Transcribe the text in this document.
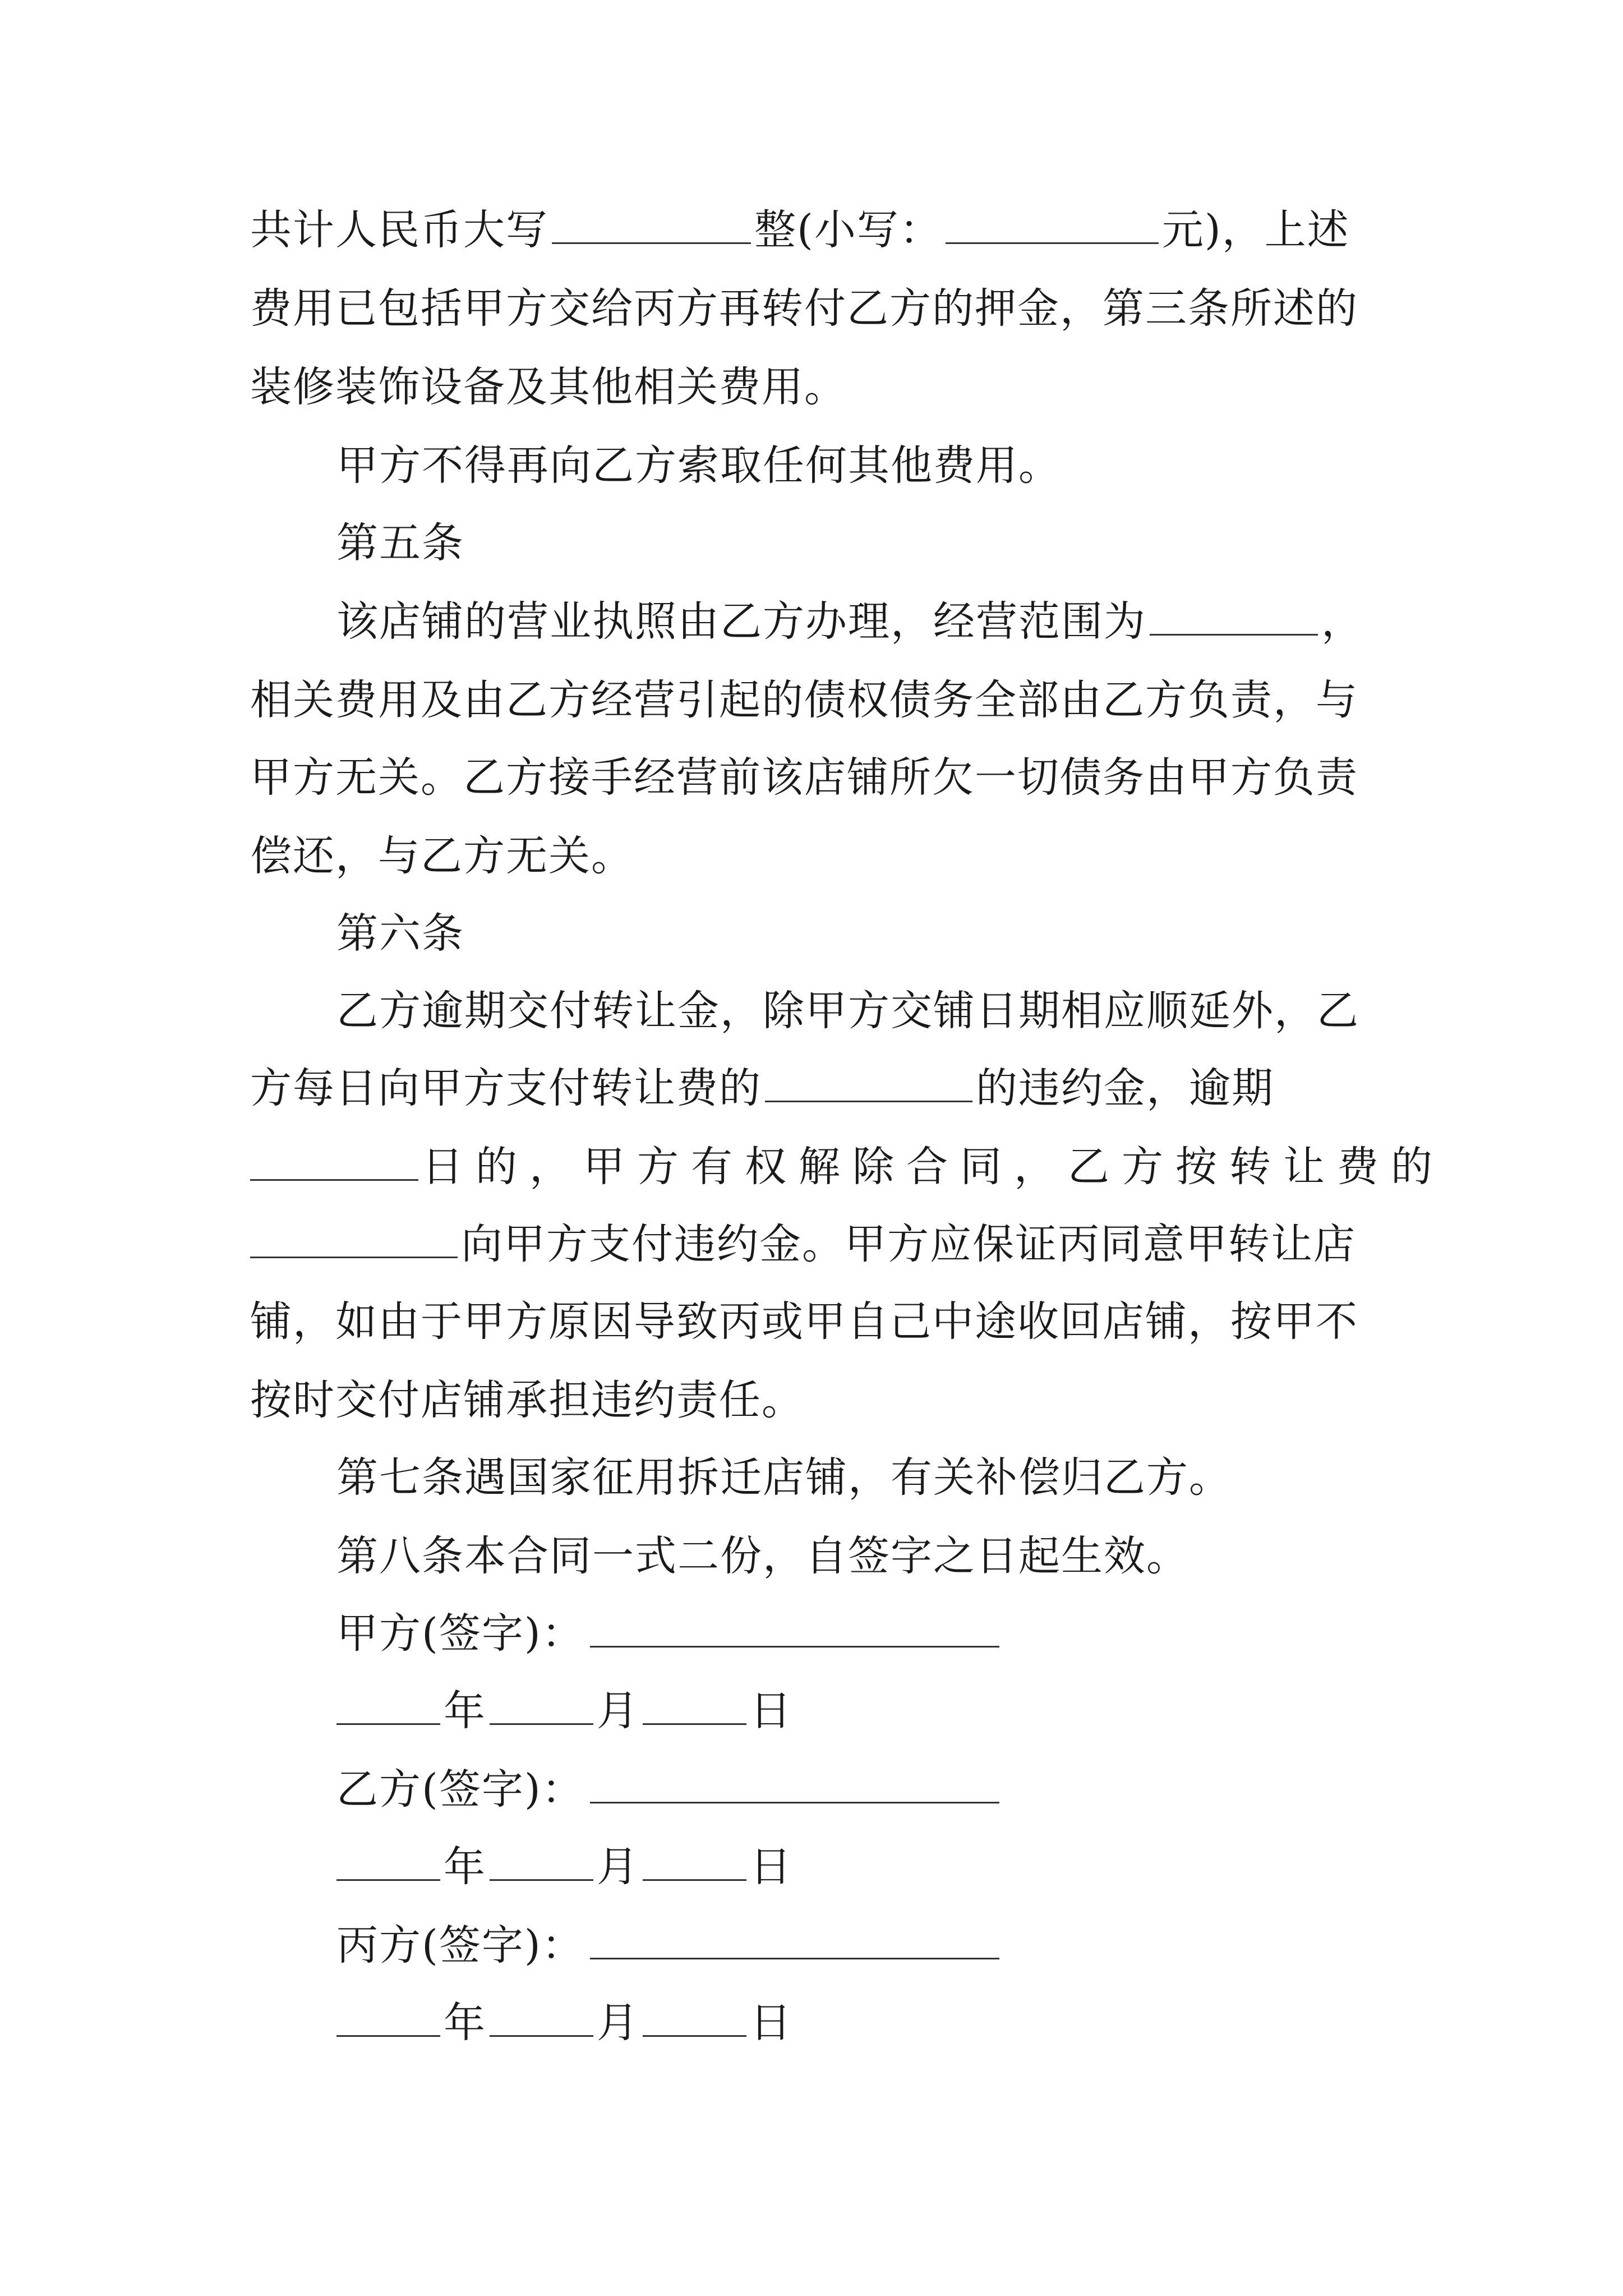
共计人民币大写	整(小写：	元)，上述
费用已包括甲方交给丙方再转付乙方的押金，第三条所述的
装修装饰设备及其他相关费用。
甲方不得再向乙方索取任何其他费用。
第五条
该店铺的营业执照由乙方办理，经营范围为	，
相关费用及由乙方经营引起的债权债务全部由乙方负责，与
甲方无关。乙方接手经营前该店铺所欠一切债务由甲方负责
偿还，与乙方无关。
第六条
乙方逾期交付转让金，除甲方交铺日期相应顺延外，乙
方每日向甲方支付转让费的	的违约金，逾期
日的，甲方有权解除合同，乙方按转让费的
向甲方支付违约金。甲方应保证丙同意甲转让店
铺，如由于甲方原因导致丙或甲自己中途收回店铺，按甲不
按时交付店铺承担违约责任。
第七条遇国家征用拆迁店铺，有关补偿归乙方。
第八条本合同一式二份，自签字之日起生效。
甲方(签字)：
年	月	日
乙方(签字)：
年	月	日
丙方(签字)：
年	月	日
